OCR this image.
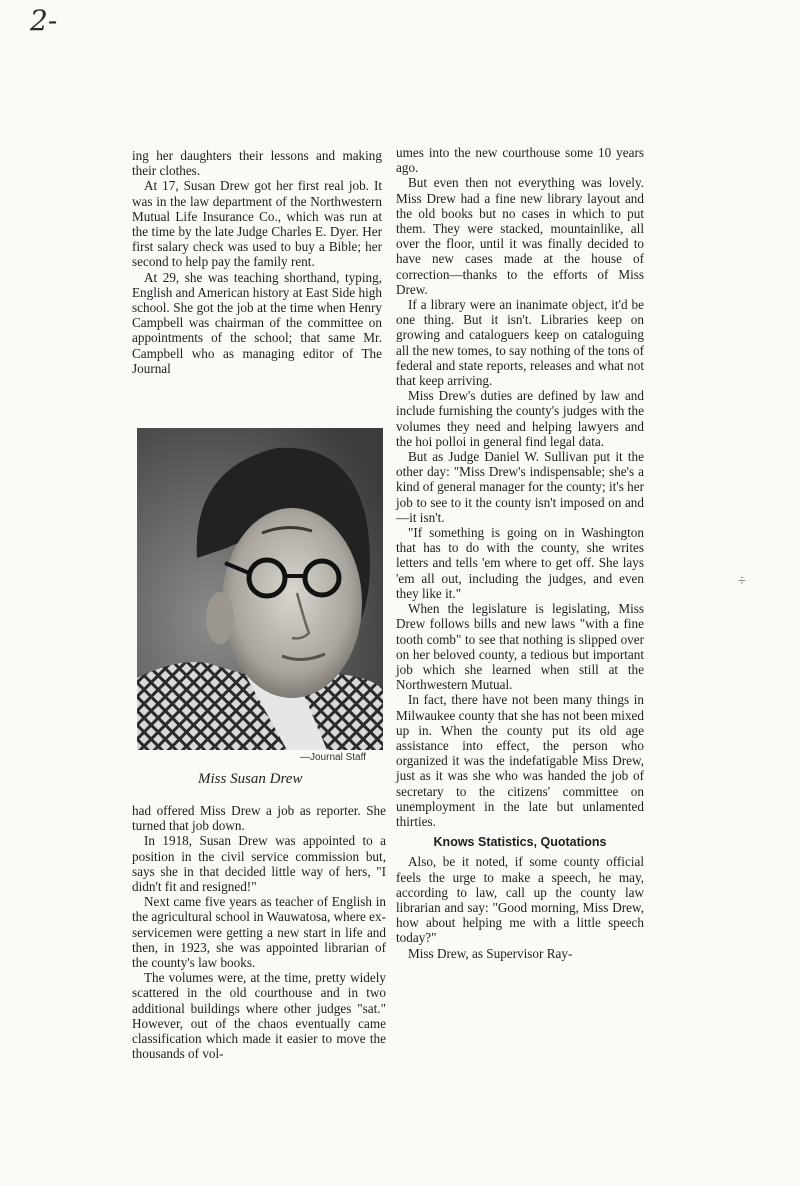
2-
÷

ing her daughters their lessons and making their clothes.

At 17, Susan Drew got her first real job. It was in the law department of the Northwestern Mutual Life Insurance Co., which was run at the time by the late Judge Charles E. Dyer. Her first salary check was used to buy a Bible; her second to help pay the family rent.

At 29, she was teaching shorthand, typing, English and American history at East Side high school. She got the job at the time when Henry Campbell was chairman of the committee on appointments of the school; that same Mr. Campbell who as managing editor of The Journal

—Journal Staff
Miss Susan Drew

had offered Miss Drew a job as reporter. She turned that job down.

In 1918, Susan Drew was appointed to a position in the civil service commission but, says she in that decided little way of hers, "I didn't fit and resigned!"

Next came five years as teacher of English in the agricultural school in Wauwatosa, where ex-servicemen were getting a new start in life and then, in 1923, she was appointed librarian of the county's law books.

The volumes were, at the time, pretty widely scattered in the old courthouse and in two additional buildings where other judges "sat." However, out of the chaos eventually came classification which made it easier to move the thousands of vol-

umes into the new courthouse some 10 years ago.

But even then not everything was lovely. Miss Drew had a fine new library layout and the old books but no cases in which to put them. They were stacked, mountainlike, all over the floor, until it was finally decided to have new cases made at the house of correction—thanks to the efforts of Miss Drew.

If a library were an inanimate object, it'd be one thing. But it isn't. Libraries keep on growing and cataloguers keep on cataloguing all the new tomes, to say nothing of the tons of federal and state reports, releases and what not that keep arriving.

Miss Drew's duties are defined by law and include furnishing the county's judges with the volumes they need and helping lawyers and the hoi polloi in general find legal data.

But as Judge Daniel W. Sullivan put it the other day: "Miss Drew's indispensable; she's a kind of general manager for the county; it's her job to see to it the county isn't imposed on and—it isn't.

"If something is going on in Washington that has to do with the county, she writes letters and tells 'em where to get off. She lays 'em all out, including the judges, and even they like it."

When the legislature is legislating, Miss Drew follows bills and new laws "with a fine tooth comb" to see that nothing is slipped over on her beloved county, a tedious but important job which she learned when still at the Northwestern Mutual.

In fact, there have not been many things in Milwaukee county that she has not been mixed up in. When the county put its old age assistance into effect, the person who organized it was the indefatigable Miss Drew, just as it was she who was handed the job of secretary to the citizens' committee on unemployment in the late but unlamented thirties.

Knows Statistics, Quotations

Also, be it noted, if some county official feels the urge to make a speech, he may, according to law, call up the county law librarian and say: "Good morning, Miss Drew, how about helping me with a little speech today?"

Miss Drew, as Supervisor Ray-
